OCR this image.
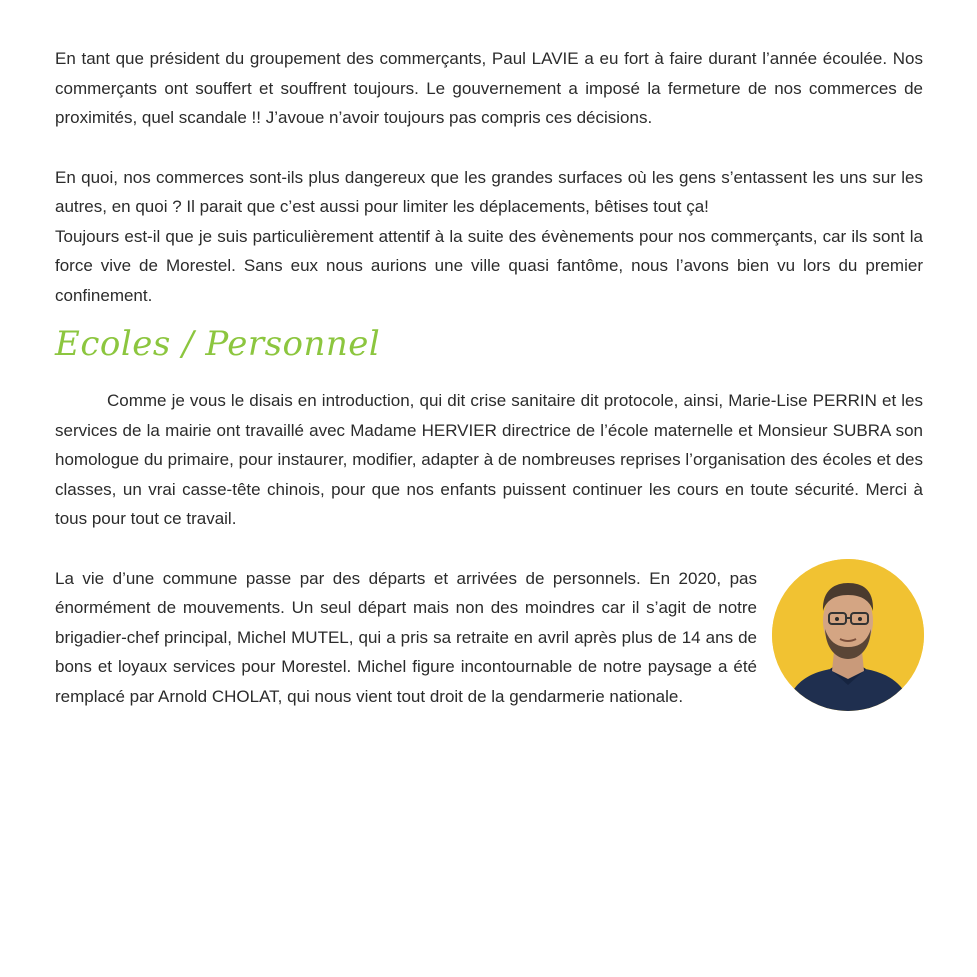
En tant que président du groupement des commerçants, Paul LAVIE a eu fort à faire durant l’année écoulée. Nos commerçants ont souffert et souffrent toujours. Le gouvernement a imposé la fermeture de nos commerces de proximités, quel scandale !! J’avoue n’avoir toujours pas compris ces décisions.

En quoi, nos commerces sont-ils plus dangereux que les grandes surfaces où les gens s’entassent les uns sur les autres, en quoi ? Il parait que c’est aussi pour limiter les déplacements, bêtises tout ça!

Toujours est-il que je suis particulièrement attentif à la suite des évènements pour nos commerçants, car ils sont la force vive de Morestel. Sans eux nous aurions une ville quasi fantôme, nous l’avons bien vu lors du premier confinement.

Ecoles / Personnel

Comme je vous le disais en introduction, qui dit crise sanitaire dit protocole, ainsi, Marie-Lise PERRIN et les services de la mairie ont travaillé avec Madame HERVIER directrice de l’école maternelle et Monsieur SUBRA son homologue du primaire, pour instaurer, modifier, adapter à de nombreuses reprises l’organisation des écoles et des classes, un vrai casse-tête chinois, pour que nos enfants puissent continuer les cours en toute sécurité. Merci à tous pour tout ce travail.

La vie d’une commune passe par des départs et arrivées de personnels. En 2020, pas énormément de mouvements. Un seul départ mais non des moindres car il s’agit de notre brigadier-chef principal, Michel MUTEL, qui a pris sa retraite en avril après plus de 14 ans de bons et loyaux services pour Morestel. Michel figure incontournable de notre paysage a été remplacé par Arnold CHOLAT, qui nous vient tout droit de la gendarmerie nationale.
